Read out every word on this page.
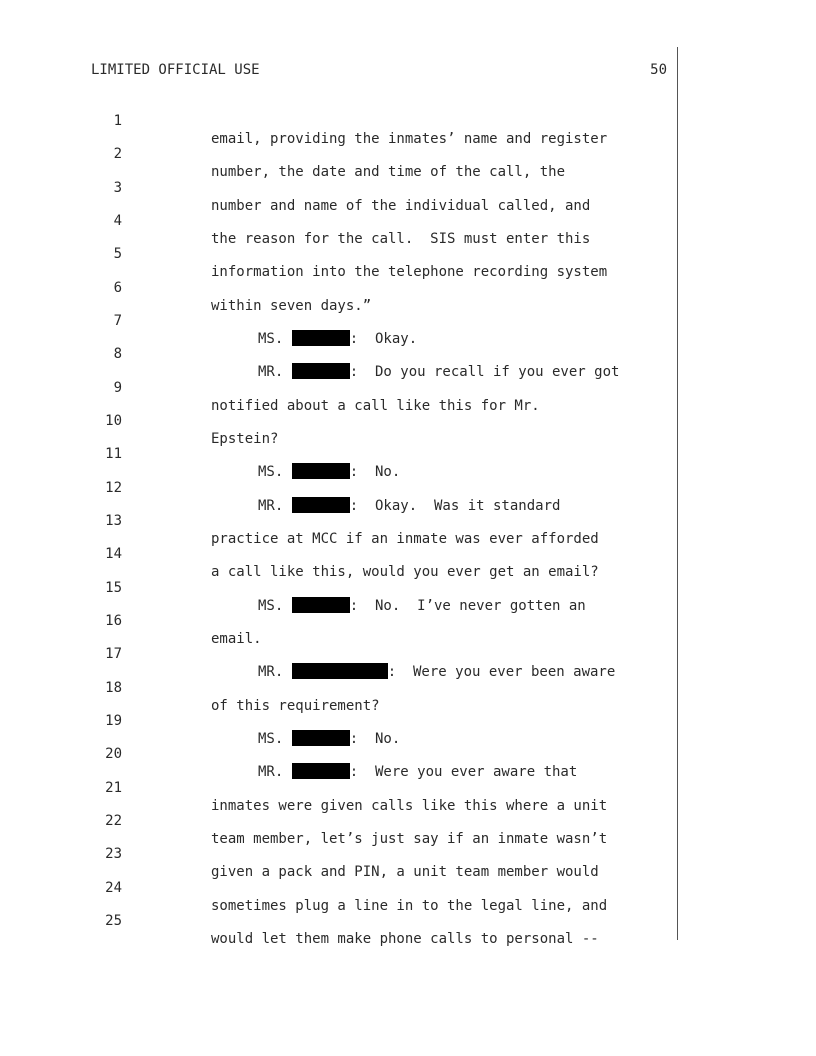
LIMITED OFFICIAL USE	50

1

email, providing the inmates’ name and register

2

number, the date and time of the call, the

3

number and name of the individual called, and

4

the reason for the call.  SIS must enter this

5

information into the telephone recording system

6

within seven days.”

7

MS.	:  Okay.

8

MR.	:  Do you recall if you ever got

9

notified about a call like this for Mr.

10

Epstein?

11

MS.	:  No.

12

MR.	:  Okay.  Was it standard

13

practice at MCC if an inmate was ever afforded

14

a call like this, would you ever get an email?

15

MS.	:  No.  I’ve never gotten an

16

email.

17

MR.	:  Were you ever been aware

18

of this requirement?

19

MS.	:  No.

20

MR.	:  Were you ever aware that

21

inmates were given calls like this where a unit

22

team member, let’s just say if an inmate wasn’t

23

given a pack and PIN, a unit team member would

24

sometimes plug a line in to the legal line, and

25

would let them make phone calls to personal --
